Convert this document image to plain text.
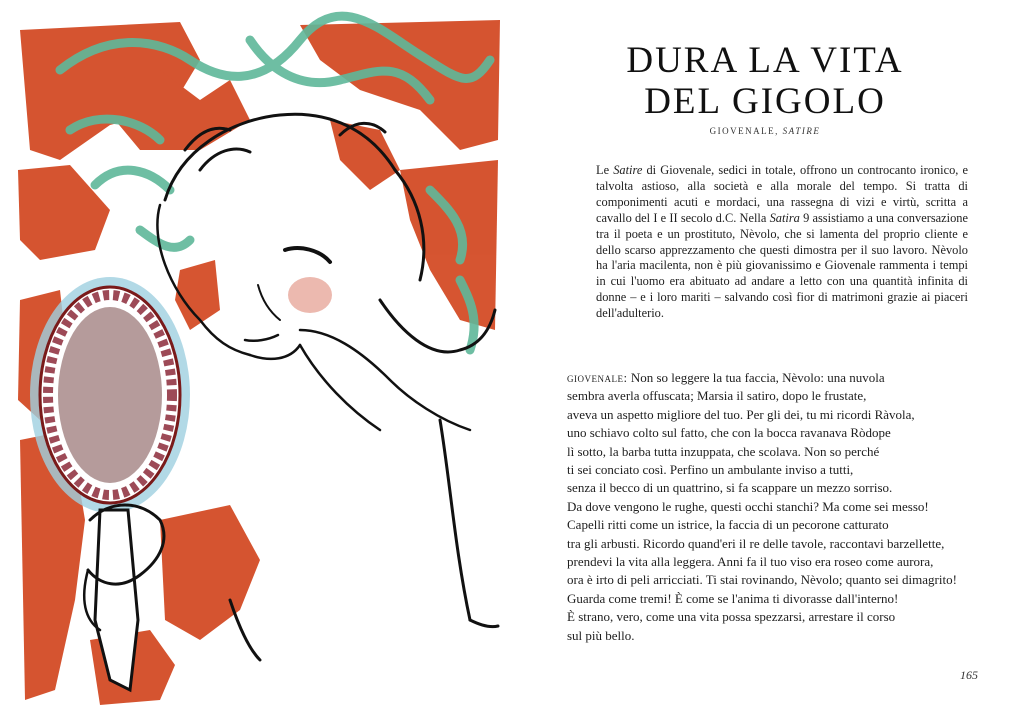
DURA LA VITA
DEL GIGOLO
GIOVENALE, SATIRE

Le Satire di Giovenale, sedici in totale, offrono un controcanto ironico, e talvolta astioso, alla società e alla morale del tempo. Si tratta di componimenti acuti e mordaci, una rassegna di vizi e virtù, scritta a cavallo del I e II secolo d.C. Nella Satira 9 assistiamo a una conversazione tra il poeta e un prostituto, Nèvolo, che si lamenta del proprio cliente e dello scarso apprezzamento che questi dimostra per il suo lavoro. Nèvolo ha l'aria macilenta, non è più giovanissimo e Giovenale rammenta i tempi in cui l'uomo era abituato ad andare a letto con una quantità infinita di donne – e i loro mariti – salvando così fior di matrimoni grazie ai piaceri dell'adulterio.

giovenale: Non so leggere la tua faccia, Nèvolo: una nuvola
sembra averla offuscata; Marsia il satiro, dopo le frustate,
aveva un aspetto migliore del tuo. Per gli dei, tu mi ricordi Ràvola,
uno schiavo colto sul fatto, che con la bocca ravanava Ròdope
lì sotto, la barba tutta inzuppata, che scolava. Non so perché
ti sei conciato così. Perfino un ambulante inviso a tutti,
senza il becco di un quattrino, si fa scappare un mezzo sorriso.
Da dove vengono le rughe, questi occhi stanchi? Ma come sei messo!
Capelli ritti come un istrice, la faccia di un pecorone catturato
tra gli arbusti. Ricordo quand'eri il re delle tavole, raccontavi barzellette,
prendevi la vita alla leggera. Anni fa il tuo viso era roseo come aurora,
ora è irto di peli arricciati. Ti stai rovinando, Nèvolo; quanto sei dimagrito!
Guarda come tremi! È come se l'anima ti divorasse dall'interno!
È strano, vero, come una vita possa spezzarsi, arrestare il corso
sul più bello.
165
